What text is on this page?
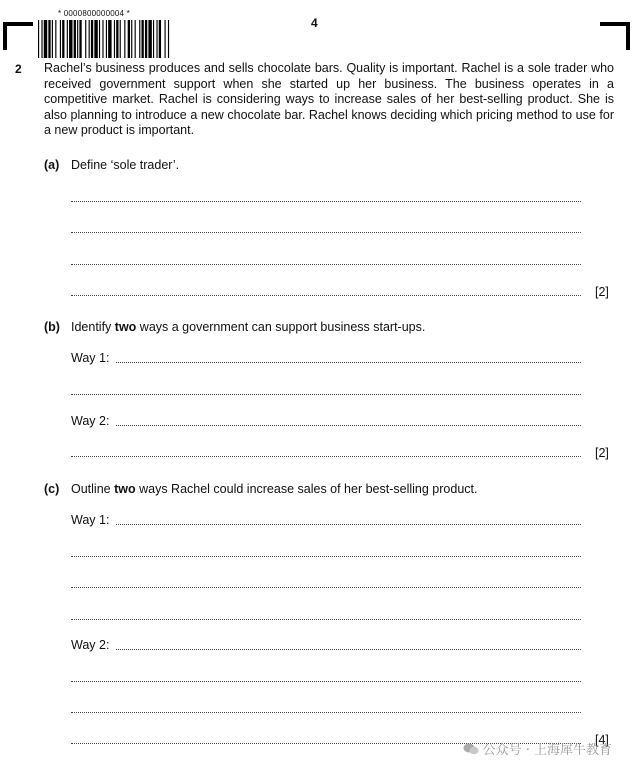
* 0000800000004 *
4
2 Rachel’s business produces and sells chocolate bars. Quality is important. Rachel is a sole trader who received government support when she started up her business. The business operates in a competitive market. Rachel is considering ways to increase sales of her best-selling product. She is also planning to introduce a new chocolate bar. Rachel knows deciding which pricing method to use for a new product is important.
(a) Define ‘sole trader’.
[2]
(b) Identify two ways a government can support business start-ups.
Way 1:
Way 2:
[2]
(c) Outline two ways Rachel could increase sales of her best-selling product.
Way 1:
Way 2:
[4]
公众号 · 上海犀牛教育
